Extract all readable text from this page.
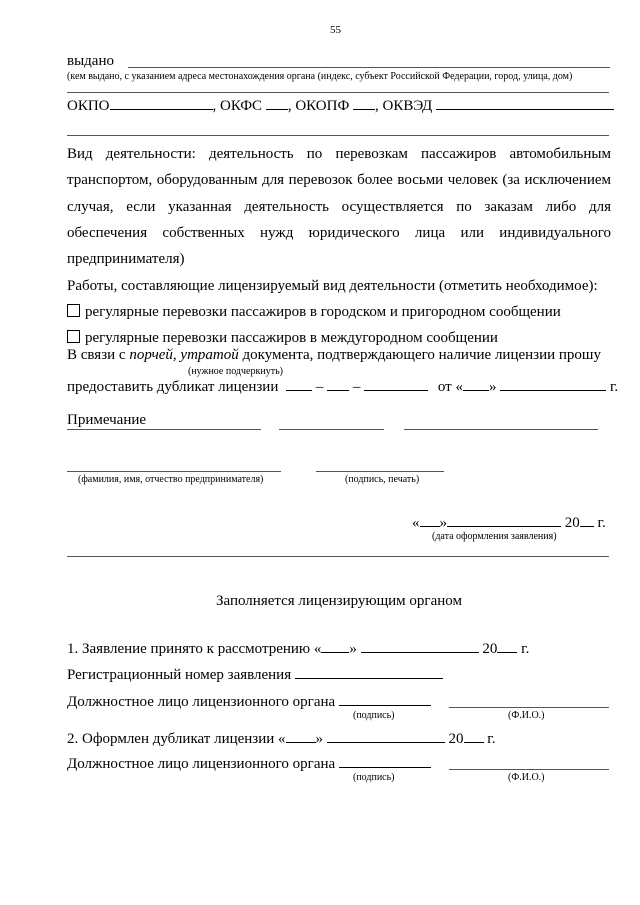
55
выдано
(кем выдано, с указанием адреса местонахождения органа (индекс, субъект Российской Федерации, город, улица, дом)
ОКПО	, ОКФС , ОКОПФ , ОКВЭД
Вид деятельности: деятельность по перевозкам пассажиров автомобильным
транспортом, оборудованным для перевозок более восьми человек (за исключением
случая, если указанная деятельность осуществляется по заказам либо для
обеспечения собственных нужд юридического лица или индивидуального
предпринимателя)
Работы, составляющие лицензируемый вид деятельности (отметить необходимое):
регулярные перевозки пассажиров в городском и пригородном сообщении
регулярные перевозки пассажиров в междугородном сообщении
В связи с порчей, утратой документа, подтверждающего наличие лицензии прошу
(нужное подчеркнуть)
предоставить дубликат лицензии	– –	от « »	г.
Примечание
(фамилия, имя, отчество предпринимателя)	(подпись, печать)
« »	20 г.
(дата оформления заявления)
Заполняется лицензирующим органом
1. Заявление принято к рассмотрению « »	20 г.
Регистрационный номер заявления
Должностное лицо лицензионного органа
(подпись)	(Ф.И.О.)
2. Оформлен дубликат лицензии « »	20 г.
Должностное лицо лицензионного органа
(подпись)	(Ф.И.О.)
